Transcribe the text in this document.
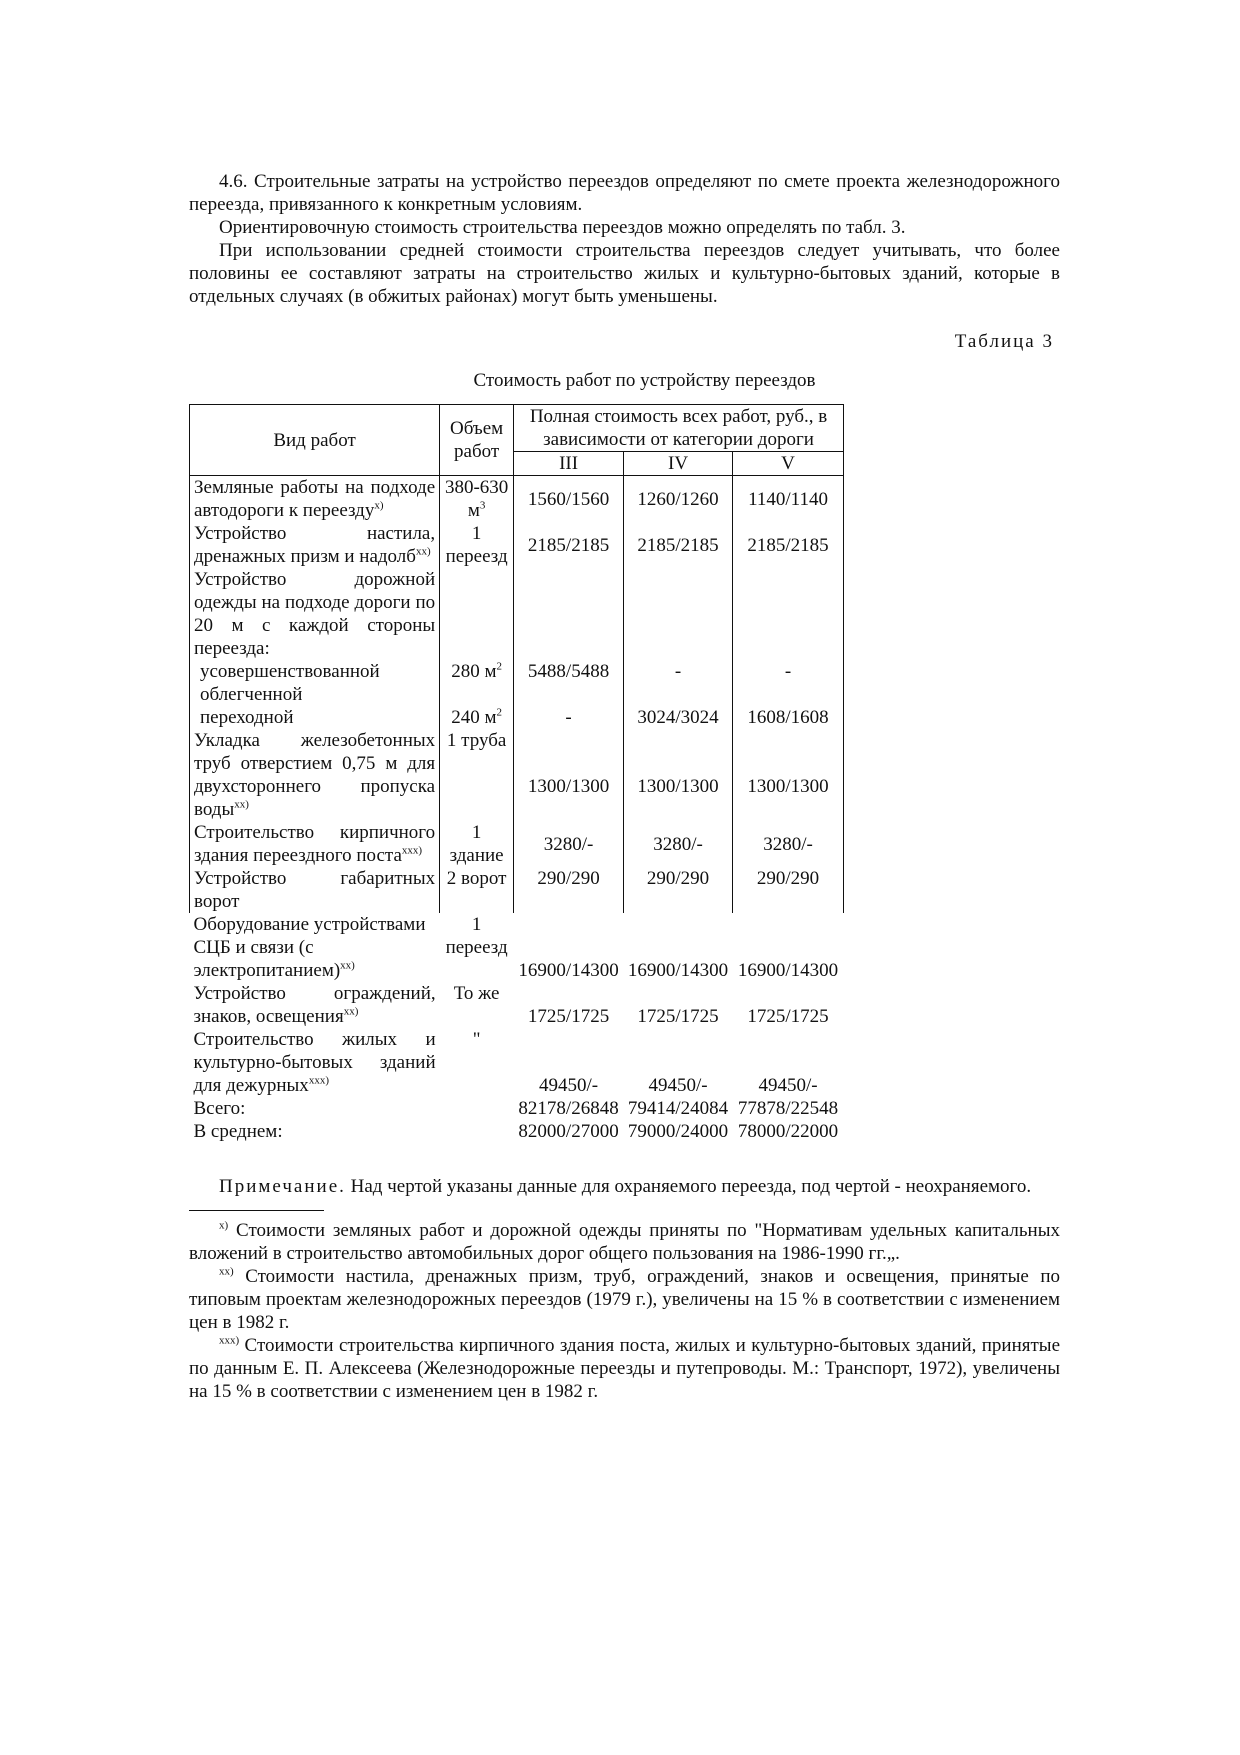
4.6. Строительные затраты на устройство переездов определяют по смете проекта железнодорожного переезда, привязанного к конкретным условиям.

Ориентировочную стоимость строительства переездов можно определять по табл. 3.

При использовании средней стоимости строительства переездов следует учитывать, что более половины ее составляют затраты на строительство жилых и культурно-бытовых зданий, которые в отдельных случаях (в обжитых районах) могут быть уменьшены.

Таблица 3
Стоимость работ по устройству переездов
Вид работ	Объем работ	Полная стоимость всех работ, руб., в зависимости от категории дороги		
		III	IV	V
Земляные работы на подходе автодороги к переезду$^{х)}$	380-630 $м^3$	1560/1560	1260/1260	1140/1140
Устройство настила, дренажных призм и надолб$^{хх)}$	1 переезд	2185/2185	2185/2185	2185/2185
Устройство дорожной одежды на подходе дороги по 20 м с каждой стороны переезда:				
усовершенствованной облегченной	280 $м^2$	5488/5488	-	-
переходной	240 $м^2$	-	3024/3024	1608/1608
Укладка железобетонных труб отверстием 0,75 м для двухстороннего пропуска воды$^{хх)}$	1 труба	1300/1300	1300/1300	1300/1300
Строительство кирпичного здания переездного поста$^{ххх)}$	1 здание	3280/-	3280/-	3280/-
Устройство габаритных ворот	2 ворот	290/290	290/290	290/290
Оборудование устройствами СЦБ и связи (с электропитанием)$^{хх)}$	1 переезд	16900/14300	16900/14300	16900/14300
Устройство ограждений, знаков, освещения$^{хх)}$	То же	1725/1725	1725/1725	1725/1725
Строительство жилых и культурно-бытовых зданий для дежурных$^{ххх)}$	"	49450/-	49450/-	49450/-
Всего:		82178/26848	79414/24084	77878/22548
В среднем:		82000/27000	79000/24000	78000/22000

Примечание. Над чертой указаны данные для охраняемого переезда, под чертой - неохраняемого.

$^{х)}$ Стоимости земляных работ и дорожной одежды приняты по "Нормативам удельных капитальных вложений в строительство автомобильных дорог общего пользования на 1986-1990 гг.„.

$^{хх)}$ Стоимости настила, дренажных призм, труб, ограждений, знаков и освещения, принятые по типовым проектам железнодорожных переездов (1979 г.), увеличены на 15 % в соответствии с изменением цен в 1982 г.

$^{ххх)}$ Стоимости строительства кирпичного здания поста, жилых и культурно-бытовых зданий, принятые по данным Е. П. Алексеева (Железнодорожные переезды и путепроводы. М.: Транспорт, 1972), увеличены на 15 % в соответствии с изменением цен в 1982 г.
